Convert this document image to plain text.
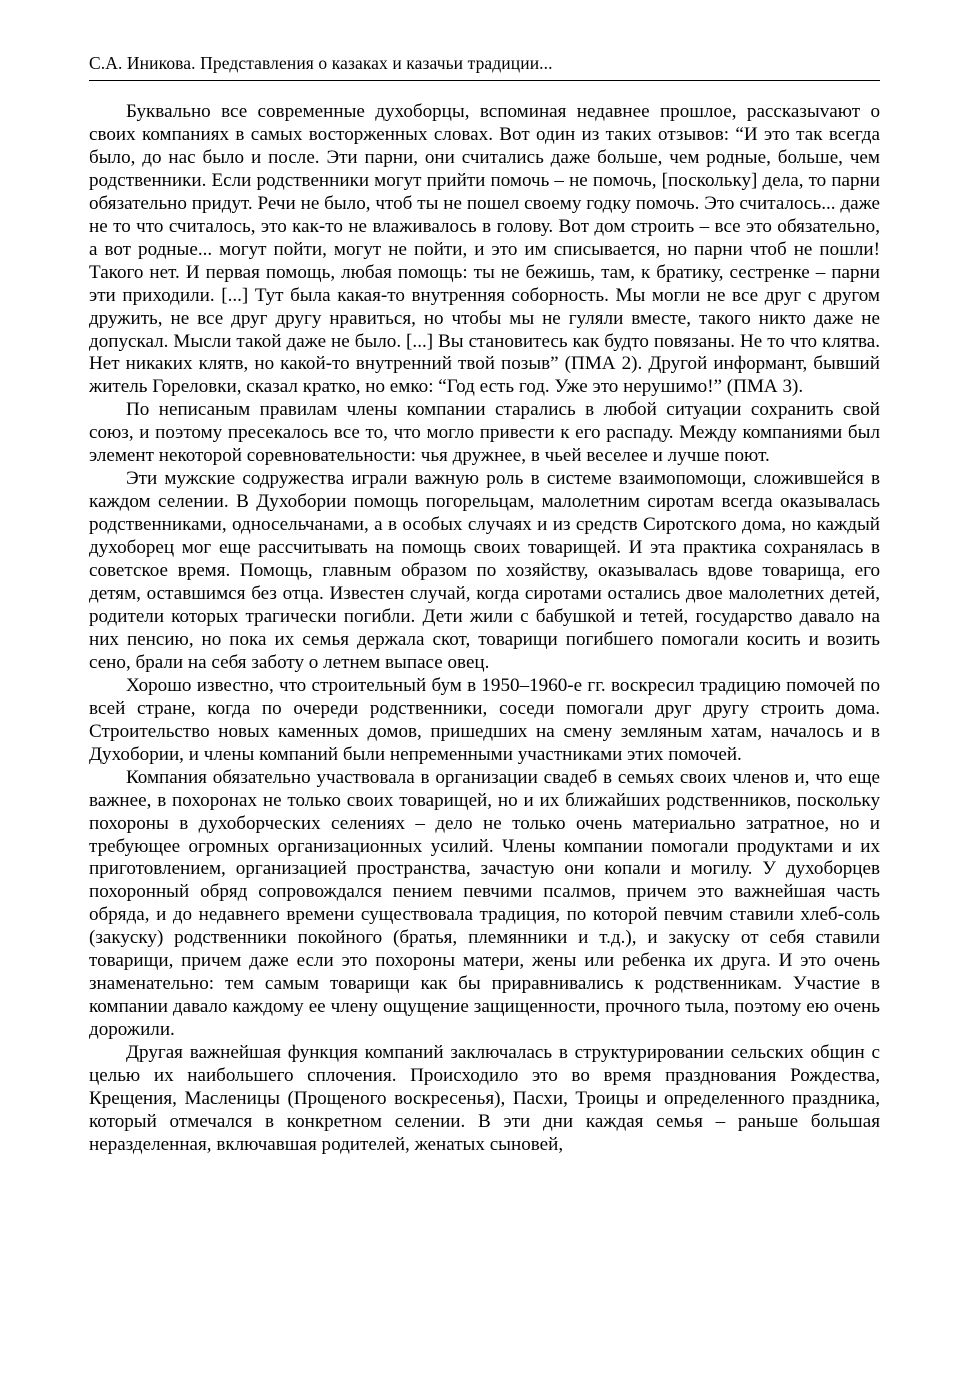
С.А. Иникова. Представления о казаках и казачьи традиции...

Буквально все современные духоборцы, вспоминая недавнее прошлое, рассказыvают о своих компаниях в самых восторженных словах. Вот один из таких отзывов: “И это так всегда было, до нас было и после. Эти парни, они считались даже больше, чем родные, больше, чем родственники. Если родственники могут прийти помочь – не помочь, [поскольку] дела, то парни обязательно придут. Речи не было, чтоб ты не пошел своему годку помочь. Это считалось... даже не то что считалось, это как-то не влаживалось в голову. Вот дом строить – все это обязательно, а вот родные... могут пойти, могут не пойти, и это им списывается, но парни чтоб не пошли! Такого нет. И первая помощь, любая помощь: ты не бежишь, там, к братику, сестренке – парни эти приходили. [...] Тут была какая-то внутренняя соборность. Мы могли не все друг с другом дружить, не все друг другу нравиться, но чтобы мы не гуляли вместе, такого никто даже не допускал. Мысли такой даже не было. [...] Вы становитесь как будто повязаны. Не то что клятва. Нет никаких клятв, но какой-то внутренний твой позыв” (ПМА 2). Другой информант, бывший житель Гореловки, сказал кратко, но емко: “Год есть год. Уже это нерушимо!” (ПМА 3).

По неписаным правилам члены компании старались в любой ситуации сохранить свой союз, и поэтому пресекалось все то, что могло привести к его распаду. Между компаниями был элемент некоторой соревновательности: чья дружнее, в чьей веселее и лучше поют.

Эти мужские содружества играли важную роль в системе взаимопомощи, сложившейся в каждом селении. В Духобории помощь погорельцам, малолетним сиротам всегда оказывалась родственниками, односельчанами, а в особых случаях и из средств Сиротского дома, но каждый духоборец мог еще рассчитывать на помощь своих товарищей. И эта практика сохранялась в советское время. Помощь, главным образом по хозяйству, оказывалась вдове товарища, его детям, оставшимся без отца. Известен случай, когда сиротами остались двое малолетних детей, родители которых трагически погибли. Дети жили с бабушкой и тетей, государство давало на них пенсию, но пока их семья держала скот, товарищи погибшего помогали косить и возить сено, брали на себя заботу о летнем выпасе овец.

Хорошо известно, что строительный бум в 1950–1960-е гг. воскресил традицию помочей по всей стране, когда по очереди родственники, соседи помогали друг другу строить дома. Строительство новых каменных домов, пришедших на смену земляным хатам, началось и в Духобории, и члены компаний были непременными участниками этих помочей.

Компания обязательно участвовала в организации свадеб в семьях своих членов и, что еще важнее, в похоронах не только своих товарищей, но и их ближайших родственников, поскольку похороны в духоборческих селениях – дело не только очень материально затратное, но и требующее огромных организационных усилий. Члены компании помогали продуктами и их приготовлением, организацией пространства, зачастую они копали и могилу. У духоборцев похоронный обряд сопровождался пением певчими псалмов, причем это важнейшая часть обряда, и до недавнего времени существовала традиция, по которой певчим ставили хлеб-соль (закуску) родственники покойного (братья, племянники и т.д.), и закуску от себя ставили товарищи, причем даже если это похороны матери, жены или ребенка их друга. И это очень знаменательно: тем самым товарищи как бы приравнивались к родственникам. Участие в компании давало каждому ее члену ощущение защищенности, прочного тыла, поэтому ею очень дорожили.

Другая важнейшая функция компаний заключалась в структурировании сельских общин с целью их наибольшего сплочения. Происходило это во время празднования Рождества, Крещения, Масленицы (Прощеного воскресенья), Пасхи, Троицы и определенного праздника, который отмечался в конкретном селении. В эти дни каждая семья – раньше большая неразделенная, включавшая родителей, женатых сыновей,
